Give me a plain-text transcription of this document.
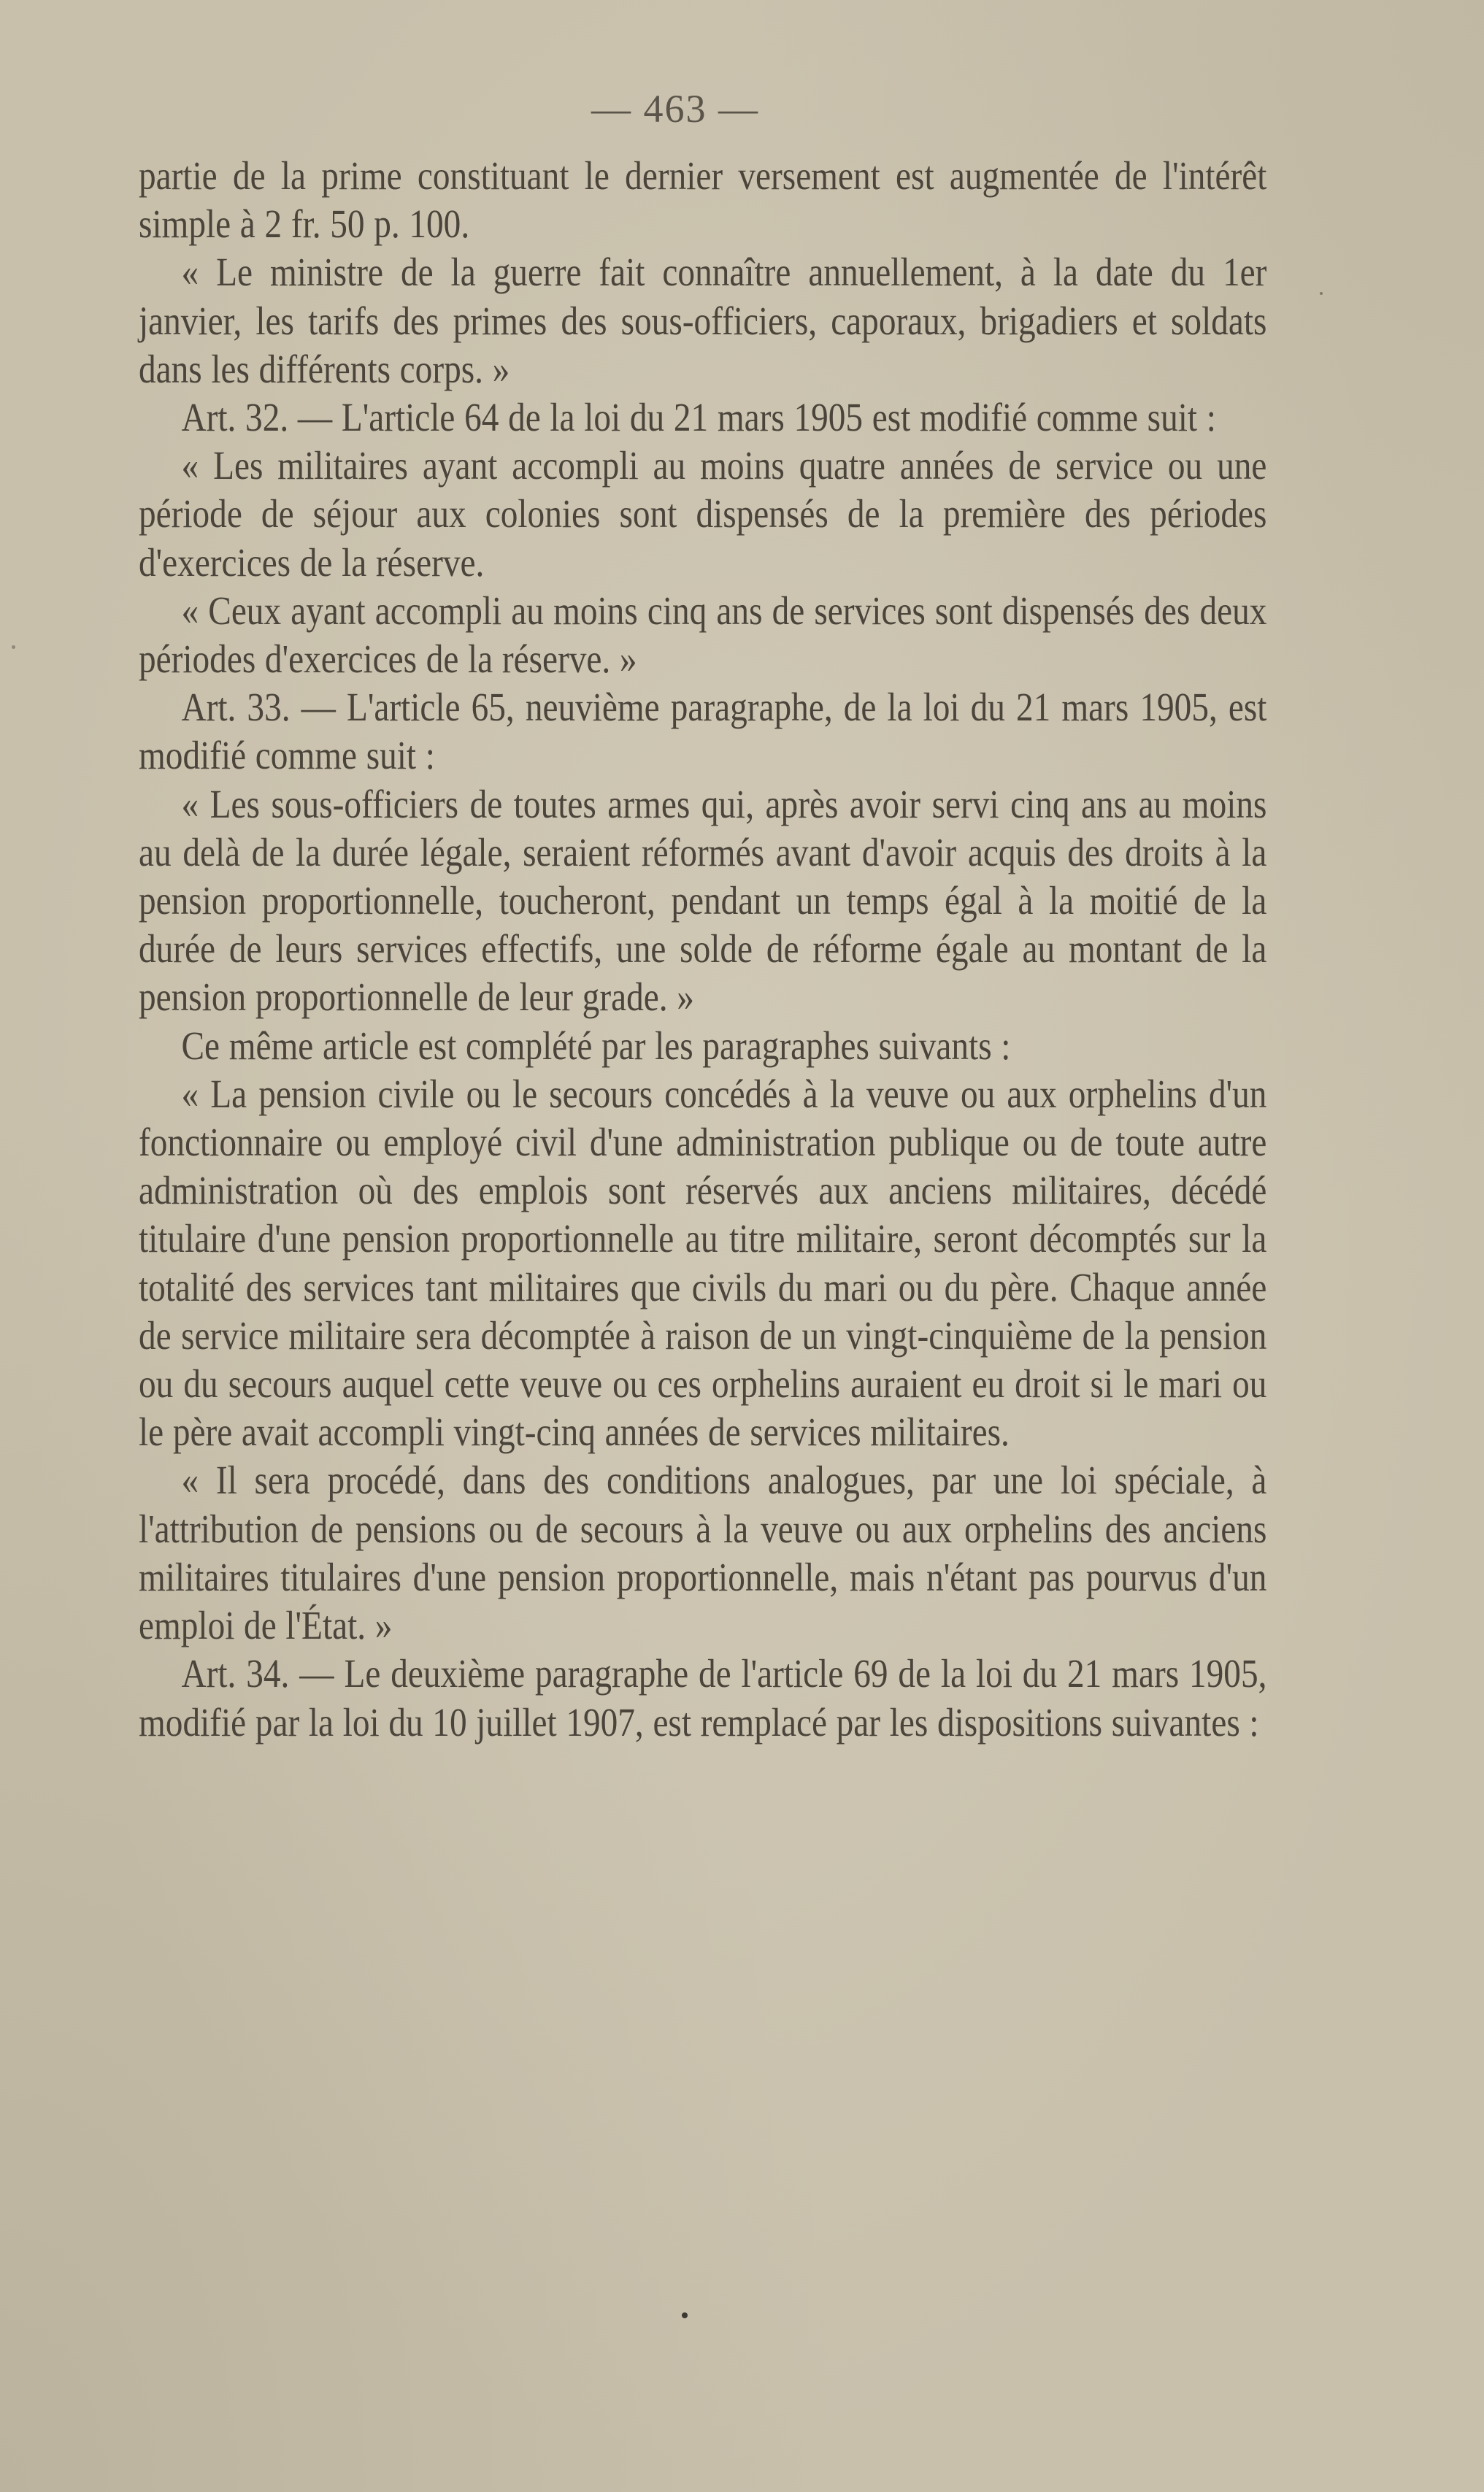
— 463 —

partie de la prime constituant le dernier versement est augmentée de l'intérêt simple à 2 fr. 50 p. 100.

« Le ministre de la guerre fait connaître annuellement, à la date du 1er janvier, les tarifs des primes des sous-officiers, caporaux, brigadiers et soldats dans les différents corps. »

Art. 32. — L'article 64 de la loi du 21 mars 1905 est modifié comme suit :

« Les militaires ayant accompli au moins quatre années de service ou une période de séjour aux colonies sont dispensés de la première des périodes d'exercices de la réserve.

« Ceux ayant accompli au moins cinq ans de services sont dispensés des deux périodes d'exercices de la réserve. »

Art. 33. — L'article 65, neuvième paragraphe, de la loi du 21 mars 1905, est modifié comme suit :

« Les sous-officiers de toutes armes qui, après avoir servi cinq ans au moins au delà de la durée légale, seraient réformés avant d'avoir acquis des droits à la pension proportionnelle, toucheront, pendant un temps égal à la moitié de la durée de leurs services effectifs, une solde de réforme égale au montant de la pension proportionnelle de leur grade. »

Ce même article est complété par les paragraphes suivants :

« La pension civile ou le secours concédés à la veuve ou aux orphelins d'un fonctionnaire ou employé civil d'une administration publique ou de toute autre administration où des emplois sont réservés aux anciens militaires, décédé titulaire d'une pension proportionnelle au titre militaire, seront décomptés sur la totalité des services tant militaires que civils du mari ou du père. Chaque année de service militaire sera décomptée à raison de un vingt-cinquième de la pension ou du secours auquel cette veuve ou ces orphelins auraient eu droit si le mari ou le père avait accompli vingt-cinq années de services militaires.

« Il sera procédé, dans des conditions analogues, par une loi spéciale, à l'attribution de pensions ou de secours à la veuve ou aux orphelins des anciens militaires titulaires d'une pension proportionnelle, mais n'étant pas pourvus d'un emploi de l'État. »

Art. 34. — Le deuxième paragraphe de l'article 69 de la loi du 21 mars 1905, modifié par la loi du 10 juillet 1907, est remplacé par les dispositions suivantes :
